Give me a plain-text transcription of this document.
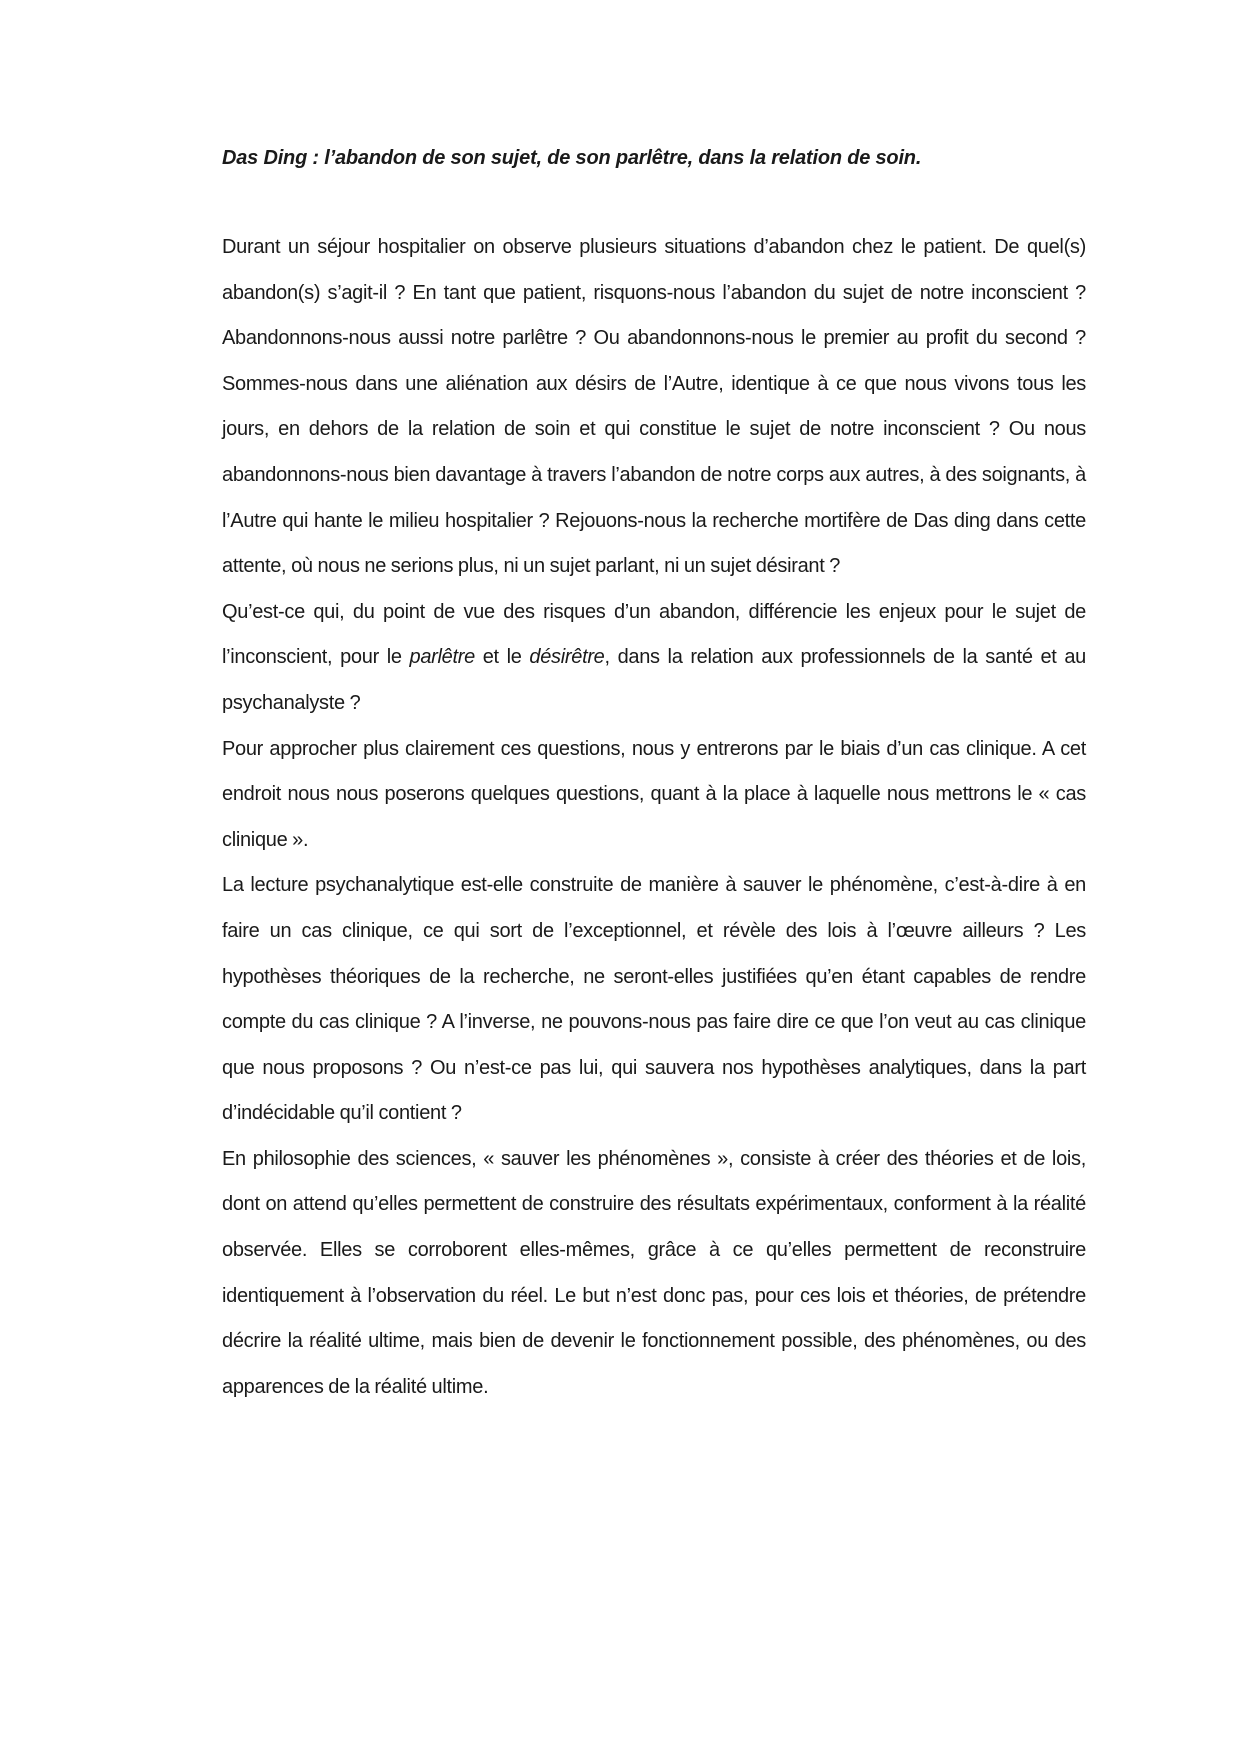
Das Ding : l’abandon de son sujet, de son parlêtre, dans la relation de soin.

Durant un séjour hospitalier on observe plusieurs situations d’abandon chez le patient. De quel(s) abandon(s) s’agit-il ? En tant que patient, risquons-nous l’abandon du sujet de notre inconscient ? Abandonnons-nous aussi notre parlêtre ? Ou abandonnons-nous le premier au profit du second ? Sommes-nous dans une aliénation aux désirs de l’Autre, identique à ce que nous vivons tous les jours, en dehors de la relation de soin et qui constitue le sujet de notre inconscient ? Ou nous abandonnons-nous bien davantage à travers l’abandon de notre corps aux autres, à des soignants, à l’Autre qui hante le milieu hospitalier ? Rejouons-nous la recherche mortifère de Das ding dans cette attente, où nous ne serions plus, ni un sujet parlant, ni un sujet désirant ?

Qu’est-ce qui, du point de vue des risques d’un abandon, différencie les enjeux pour le sujet de l’inconscient, pour le parlêtre et le désirêtre, dans la relation aux professionnels de la santé et au psychanalyste ?

Pour approcher plus clairement ces questions, nous y entrerons par le biais d’un cas clinique. A cet endroit nous nous poserons quelques questions, quant à la place à laquelle nous mettrons le « cas clinique ».

La lecture psychanalytique est-elle construite de manière à sauver le phénomène, c’est-à-dire à en faire un cas clinique, ce qui sort de l’exceptionnel, et révèle des lois à l’œuvre ailleurs ? Les hypothèses théoriques de la recherche, ne seront-elles justifiées qu’en étant capables de rendre compte du cas clinique ? A l’inverse, ne pouvons-nous pas faire dire ce que l’on veut au cas clinique que nous proposons ? Ou n’est-ce pas lui, qui sauvera nos hypothèses analytiques, dans la part d’indécidable qu’il contient ?

En philosophie des sciences, « sauver les phénomènes », consiste à créer des théories et de lois, dont on attend qu’elles permettent de construire des résultats expérimentaux, conforment à la réalité observée. Elles se corroborent elles-mêmes, grâce à ce qu’elles permettent de reconstruire identiquement à l’observation du réel. Le but n’est donc pas, pour ces lois et théories, de prétendre décrire la réalité ultime, mais bien de devenir le fonctionnement possible, des phénomènes, ou des apparences de la réalité ultime.
